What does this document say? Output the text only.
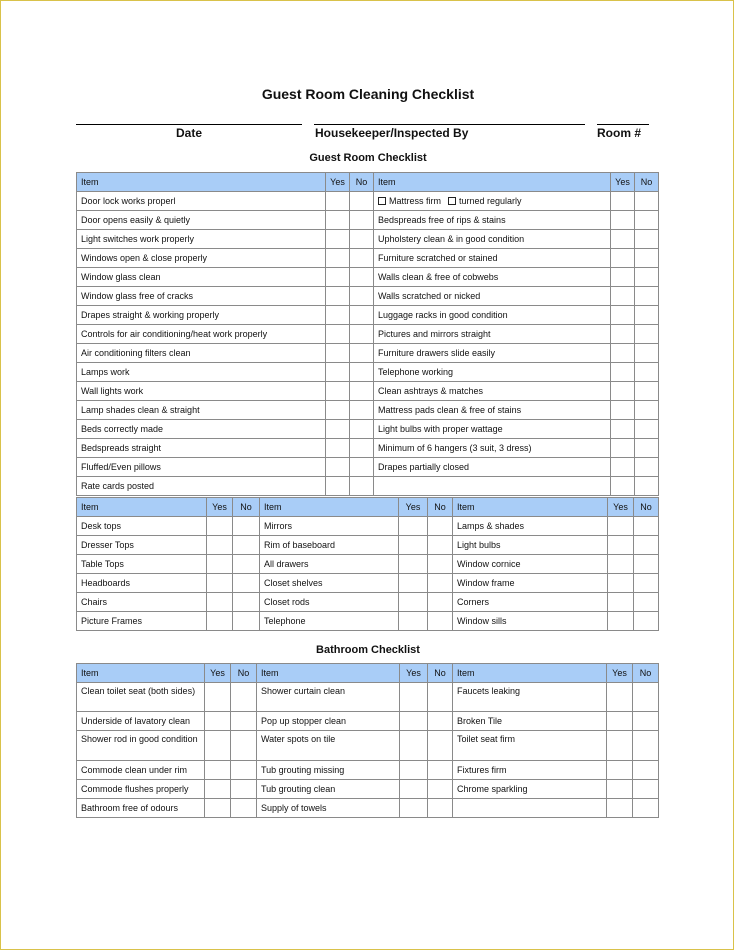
Guest Room Cleaning Checklist
Date	Housekeeper/Inspected By	Room #
Guest Room Checklist
Item	Yes	No	Item	Yes	No
Door lock works properl			Mattress firm turned regularly		
Door opens easily & quietly			Bedspreads free of rips & stains		
Light switches work properly			Upholstery clean & in good condition		
Windows open & close properly			Furniture scratched or stained		
Window glass clean			Walls clean & free of cobwebs		
Window glass free of cracks			Walls scratched or nicked		
Drapes straight & working properly			Luggage racks in good condition		
Controls for air conditioning/heat work properly			Pictures and mirrors straight		
Air conditioning filters clean			Furniture drawers slide easily		
Lamps work			Telephone working		
Wall lights work			Clean ashtrays & matches		
Lamp shades clean & straight			Mattress pads clean & free of stains		
Beds correctly made			Light bulbs with proper wattage		
Bedspreads straight			Minimum of 6 hangers (3 suit, 3 dress)		
Fluffed/Even pillows			Drapes partially closed		
Rate cards posted					
Item	Yes	No	Item	Yes	No	Item	Yes	No
Desk tops			Mirrors			Lamps & shades		
Dresser Tops			Rim of baseboard			Light bulbs		
Table Tops			All drawers			Window cornice		
Headboards			Closet shelves			Window frame		
Chairs			Closet rods			Corners		
Picture Frames			Telephone			Window sills		
Bathroom Checklist
Item	Yes	No	Item	Yes	No	Item	Yes	No
Clean toilet seat (both sides)			Shower curtain clean			Faucets leaking		
Underside of lavatory clean			Pop up stopper clean			Broken Tile		
Shower rod in good condition			Water spots on tile			Toilet seat firm		
Commode clean under rim			Tub grouting missing			Fixtures firm		
Commode flushes properly			Tub grouting clean			Chrome sparkling		
Bathroom free of odours			Supply of towels					
